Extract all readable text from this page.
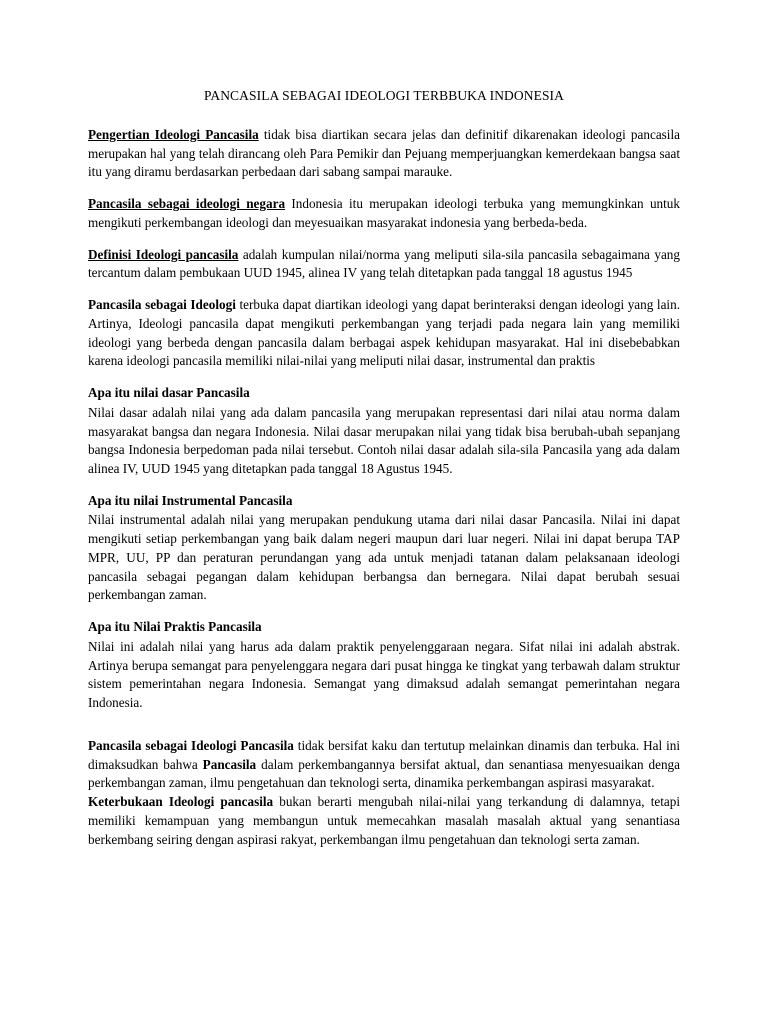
PANCASILA SEBAGAI IDEOLOGI TERBBUKA INDONESIA

Pengertian Ideologi Pancasila tidak bisa diartikan secara jelas dan definitif dikarenakan ideologi pancasila merupakan hal yang telah dirancang oleh Para Pemikir dan Pejuang memperjuangkan kemerdekaan bangsa saat itu yang diramu berdasarkan perbedaan dari sabang sampai marauke.

Pancasila sebagai ideologi negara Indonesia itu merupakan ideologi terbuka yang memungkinkan untuk mengikuti perkembangan ideologi dan meyesuaikan masyarakat indonesia yang berbeda-beda.

Definisi Ideologi pancasila adalah kumpulan nilai/norma yang meliputi sila-sila pancasila sebagaimana yang tercantum dalam pembukaan UUD 1945, alinea IV yang telah ditetapkan pada tanggal 18 agustus 1945

Pancasila sebagai Ideologi terbuka dapat diartikan ideologi yang dapat berinteraksi dengan ideologi yang lain. Artinya, Ideologi pancasila dapat mengikuti perkembangan yang terjadi pada negara lain yang memiliki ideologi yang berbeda dengan pancasila dalam berbagai aspek kehidupan masyarakat. Hal ini disebebabkan karena ideologi pancasila memiliki nilai-nilai yang meliputi nilai dasar, instrumental dan praktis

Apa itu nilai dasar Pancasila

Nilai dasar adalah nilai yang ada dalam pancasila yang merupakan representasi dari nilai atau norma dalam masyarakat bangsa dan negara Indonesia. Nilai dasar merupakan nilai yang tidak bisa berubah-ubah sepanjang bangsa Indonesia berpedoman pada nilai tersebut. Contoh nilai dasar adalah sila-sila Pancasila yang ada dalam alinea IV, UUD 1945 yang ditetapkan pada tanggal 18 Agustus 1945.

Apa itu nilai Instrumental Pancasila

Nilai instrumental adalah nilai yang merupakan pendukung utama dari nilai dasar Pancasila. Nilai ini dapat mengikuti setiap perkembangan yang baik dalam negeri maupun dari luar negeri. Nilai ini dapat berupa TAP MPR, UU, PP dan peraturan perundangan yang ada untuk menjadi tatanan dalam pelaksanaan ideologi pancasila sebagai pegangan dalam kehidupan berbangsa dan bernegara. Nilai dapat berubah sesuai perkembangan zaman.

Apa itu Nilai Praktis Pancasila

Nilai ini adalah nilai yang harus ada dalam praktik penyelenggaraan negara. Sifat nilai ini adalah abstrak. Artinya berupa semangat para penyelenggara negara dari pusat hingga ke tingkat yang terbawah dalam struktur sistem pemerintahan negara Indonesia. Semangat yang dimaksud adalah semangat pemerintahan negara Indonesia.

Pancasila sebagai Ideologi Pancasila tidak bersifat kaku dan tertutup melainkan dinamis dan terbuka. Hal ini dimaksudkan bahwa Pancasila dalam perkembangannya bersifat aktual, dan senantiasa menyesuaikan denga perkembangan zaman, ilmu pengetahuan dan teknologi serta, dinamika perkembangan aspirasi masyarakat.

Keterbukaan Ideologi pancasila bukan berarti mengubah nilai-nilai yang terkandung di dalamnya, tetapi memiliki kemampuan yang membangun untuk memecahkan masalah masalah aktual yang senantiasa berkembang seiring dengan aspirasi rakyat, perkembangan ilmu pengetahuan dan teknologi serta zaman.
